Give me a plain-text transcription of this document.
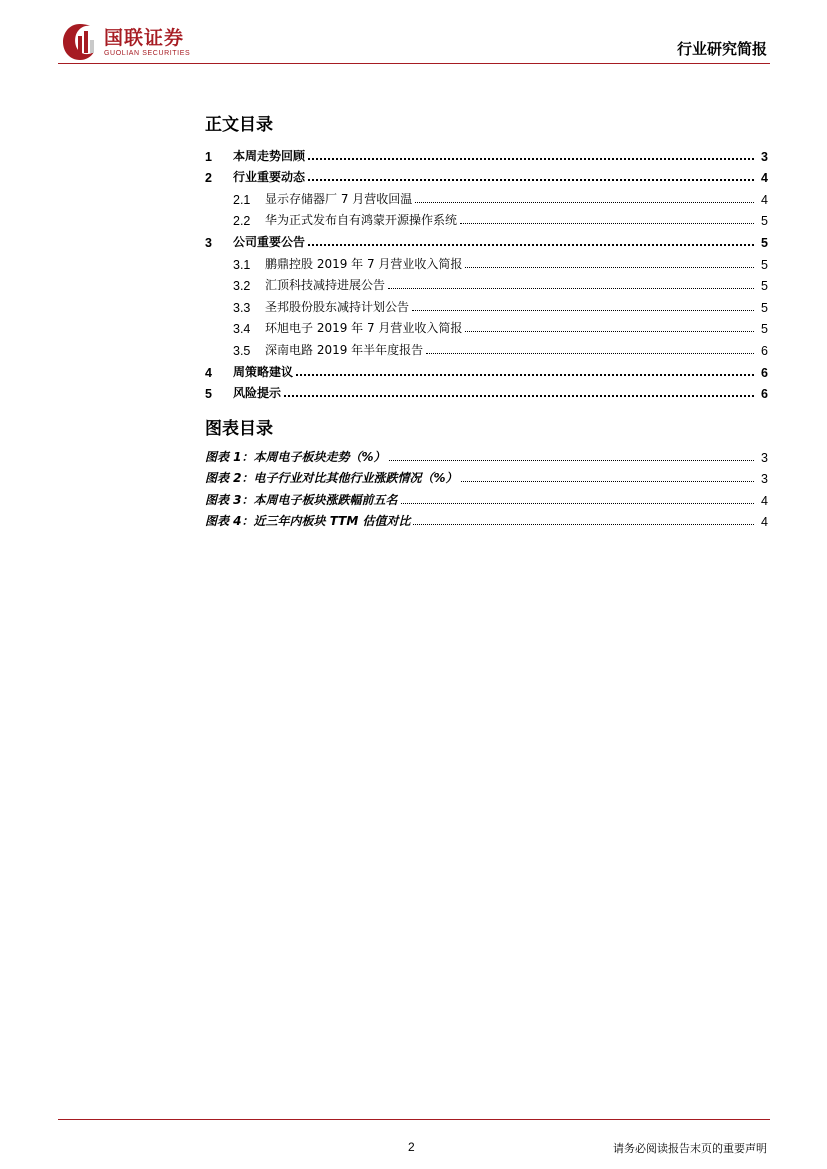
国联证券
GUOLIAN SECURITIES	行业研究简报
正文目录
1	本周走势回顾	3
2	行业重要动态	4
2.1	显示存储器厂 7 月营收回温	4
2.2	华为正式发布自有鸿蒙开源操作系统	5
3	公司重要公告	5
3.1	鹏鼎控股 2019 年 7 月营业收入简报	5
3.2	汇顶科技减持进展公告	5
3.3	圣邦股份股东减持计划公告	5
3.4	环旭电子 2019 年 7 月营业收入简报	5
3.5	深南电路 2019 年半年度报告	6
4	周策略建议	6
5	风险提示	6
图表目录
图表 1：本周电子板块走势（%）	3
图表 2：电子行业对比其他行业涨跌情况（%）	3
图表 3：本周电子板块涨跌幅前五名	4
图表 4：近三年内板块 TTM 估值对比	4
2	请务必阅读报告末页的重要声明
